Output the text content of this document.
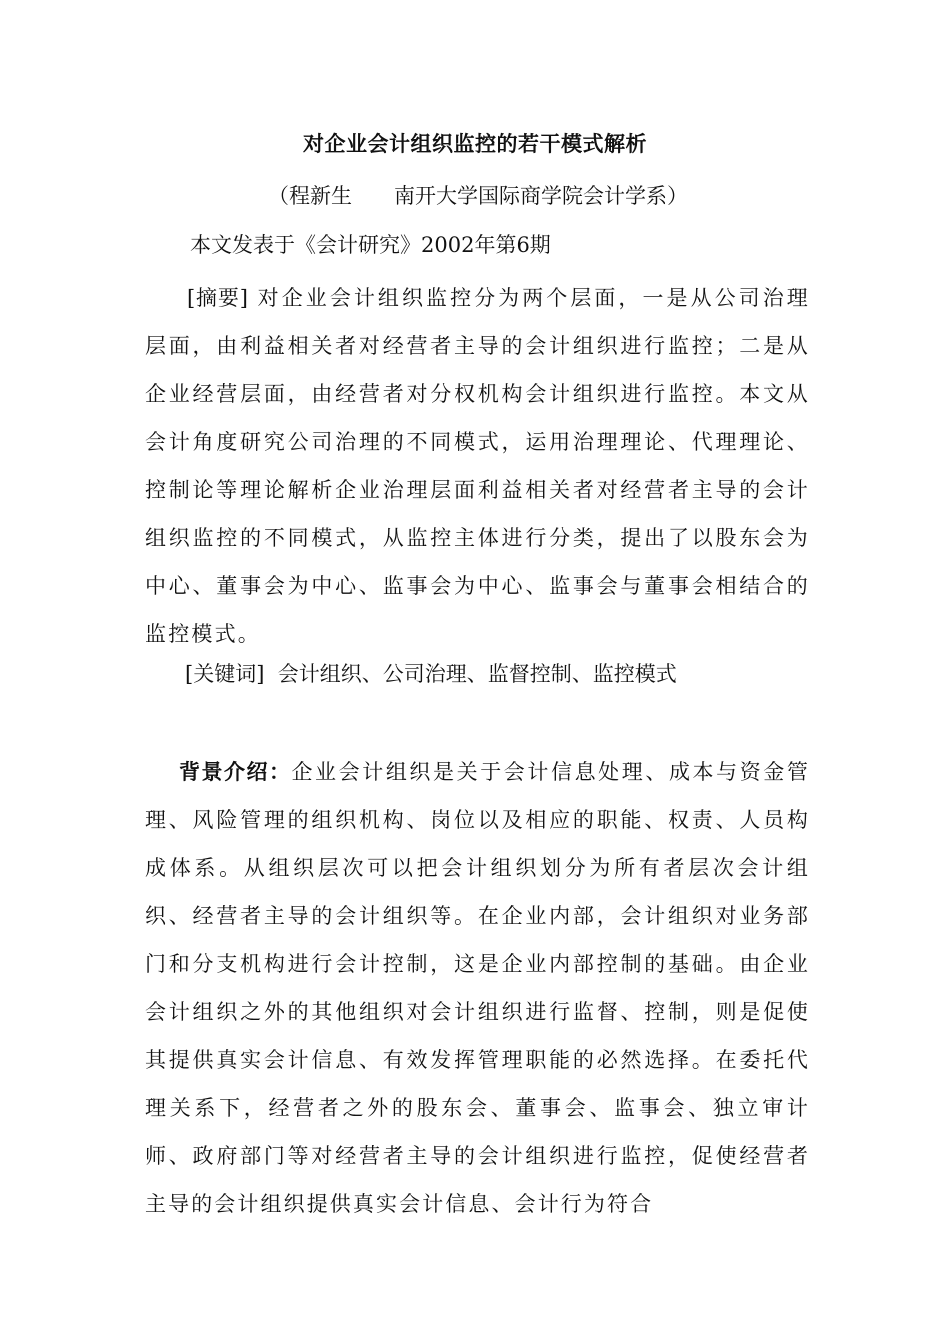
对企业会计组织监控的若干模式解析
（程新生　　南开大学国际商学院会计学系）
本文发表于《会计研究》2002年第6期
[摘要] 对企业会计组织监控分为两个层面，一是从公司治理层面，由利益相关者对经营者主导的会计组织进行监控；二是从企业经营层面，由经营者对分权机构会计组织进行监控。本文从会计角度研究公司治理的不同模式，运用治理理论、代理理论、控制论等理论解析企业治理层面利益相关者对经营者主导的会计组织监控的不同模式，从监控主体进行分类，提出了以股东会为中心、董事会为中心、监事会为中心、监事会与董事会相结合的监控模式。
[关键词] 会计组织、公司治理、监督控制、监控模式
背景介绍：企业会计组织是关于会计信息处理、成本与资金管理、风险管理的组织机构、岗位以及相应的职能、权责、人员构成体系。从组织层次可以把会计组织划分为所有者层次会计组织、经营者主导的会计组织等。在企业内部，会计组织对业务部门和分支机构进行会计控制，这是企业内部控制的基础。由企业会计组织之外的其他组织对会计组织进行监督、控制，则是促使其提供真实会计信息、有效发挥管理职能的必然选择。在委托代理关系下，经营者之外的股东会、董事会、监事会、独立审计师、政府部门等对经营者主导的会计组织进行监控，促使经营者主导的会计组织提供真实会计信息、会计行为符合
